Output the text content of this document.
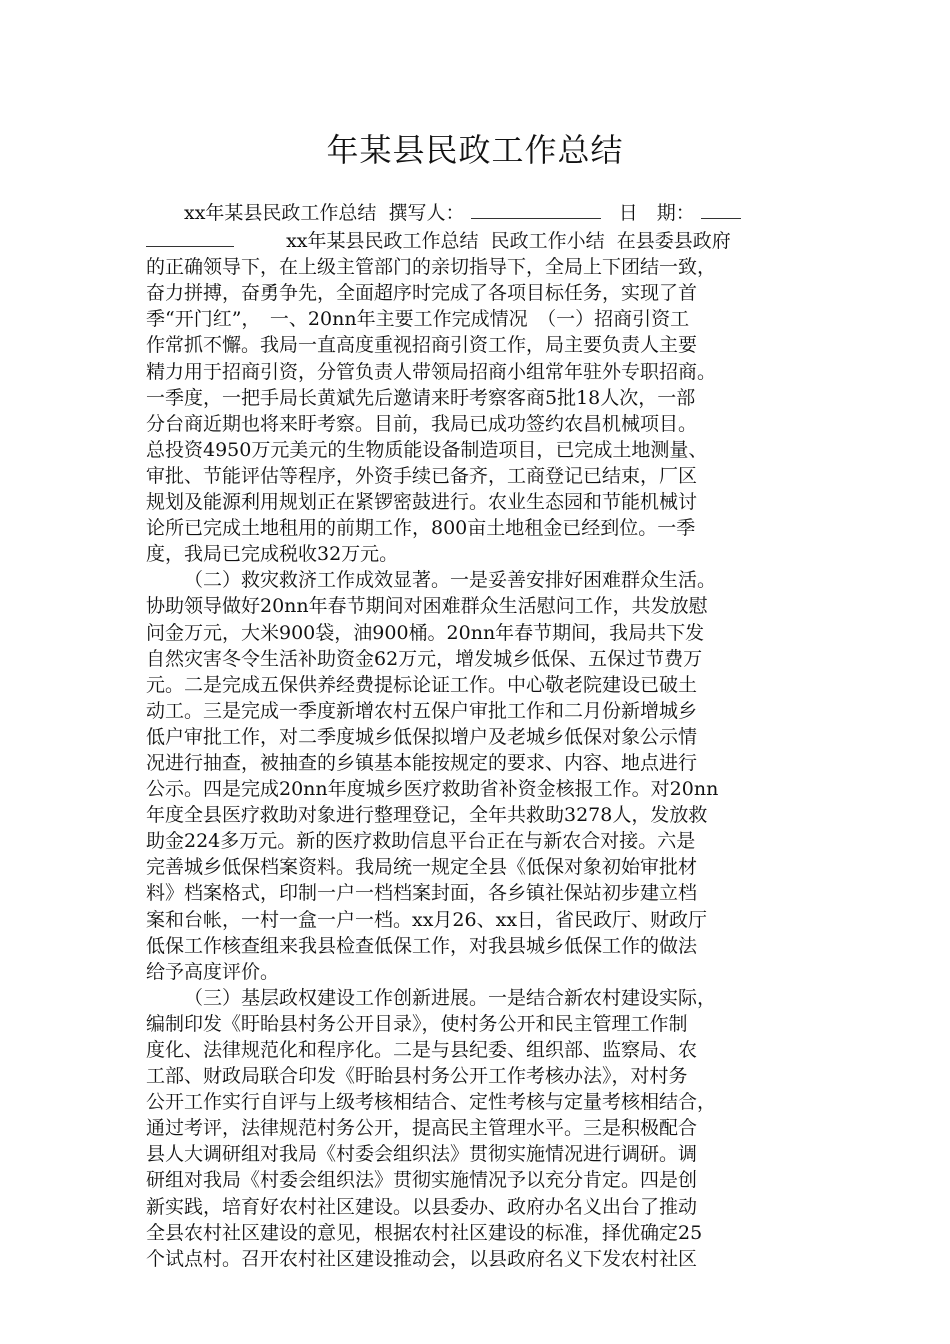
年某县民政工作总结
xx年某县民政工作总结 撰写人：	日　期：
xx年某县民政工作总结 民政工作小结 在县委县政府
的正确领导下，在上级主管部门的亲切指导下，全局上下团结一致，
奋力拼搏，奋勇争先，全面超序时完成了各项目标任务，实现了首
季“开门红”，　一、20nn年主要工作完成情况　（一）招商引资工
作常抓不懈。我局一直高度重视招商引资工作，局主要负责人主要
精力用于招商引资，分管负责人带领局招商小组常年驻外专职招商。
一季度，一把手局长黄斌先后邀请来盱考察客商5批18人次，一部
分台商近期也将来盱考察。目前，我局已成功签约农昌机械项目。
总投资4950万元美元的生物质能设备制造项目，已完成土地测量、
审批、节能评估等程序，外资手续已备齐，工商登记已结束，厂区
规划及能源利用规划正在紧锣密鼓进行。农业生态园和节能机械讨
论所已完成土地租用的前期工作，800亩土地租金已经到位。一季
度，我局已完成税收32万元。
（二）救灾救济工作成效显著。一是妥善安排好困难群众生活。
协助领导做好20nn年春节期间对困难群众生活慰问工作，共发放慰
问金万元，大米900袋，油900桶。20nn年春节期间，我局共下发
自然灾害冬令生活补助资金62万元，增发城乡低保、五保过节费万
元。二是完成五保供养经费提标论证工作。中心敬老院建设已破土
动工。三是完成一季度新增农村五保户审批工作和二月份新增城乡
低户审批工作，对二季度城乡低保拟增户及老城乡低保对象公示情
况进行抽查，被抽查的乡镇基本能按规定的要求、内容、地点进行
公示。四是完成20nn年度城乡医疗救助省补资金核报工作。对20nn
年度全县医疗救助对象进行整理登记，全年共救助3278人，发放救
助金224多万元。新的医疗救助信息平台正在与新农合对接。六是
完善城乡低保档案资料。我局统一规定全县《低保对象初始审批材
料》档案格式，印制一户一档档案封面，各乡镇社保站初步建立档
案和台帐，一村一盒一户一档。xx月26、xx日，省民政厅、财政厅
低保工作核查组来我县检查低保工作，对我县城乡低保工作的做法
给予高度评价。
（三）基层政权建设工作创新进展。一是结合新农村建设实际，
编制印发《盱眙县村务公开目录》，使村务公开和民主管理工作制
度化、法律规范化和程序化。二是与县纪委、组织部、监察局、农
工部、财政局联合印发《盱眙县村务公开工作考核办法》，对村务
公开工作实行自评与上级考核相结合、定性考核与定量考核相结合，
通过考评，法律规范村务公开，提高民主管理水平。三是积极配合
县人大调研组对我局《村委会组织法》贯彻实施情况进行调研。调
研组对我局《村委会组织法》贯彻实施情况予以充分肯定。四是创
新实践，培育好农村社区建设。以县委办、政府办名义出台了推动
全县农村社区建设的意见，根据农村社区建设的标准，择优确定25
个试点村。召开农村社区建设推动会，以县政府名义下发农村社区
